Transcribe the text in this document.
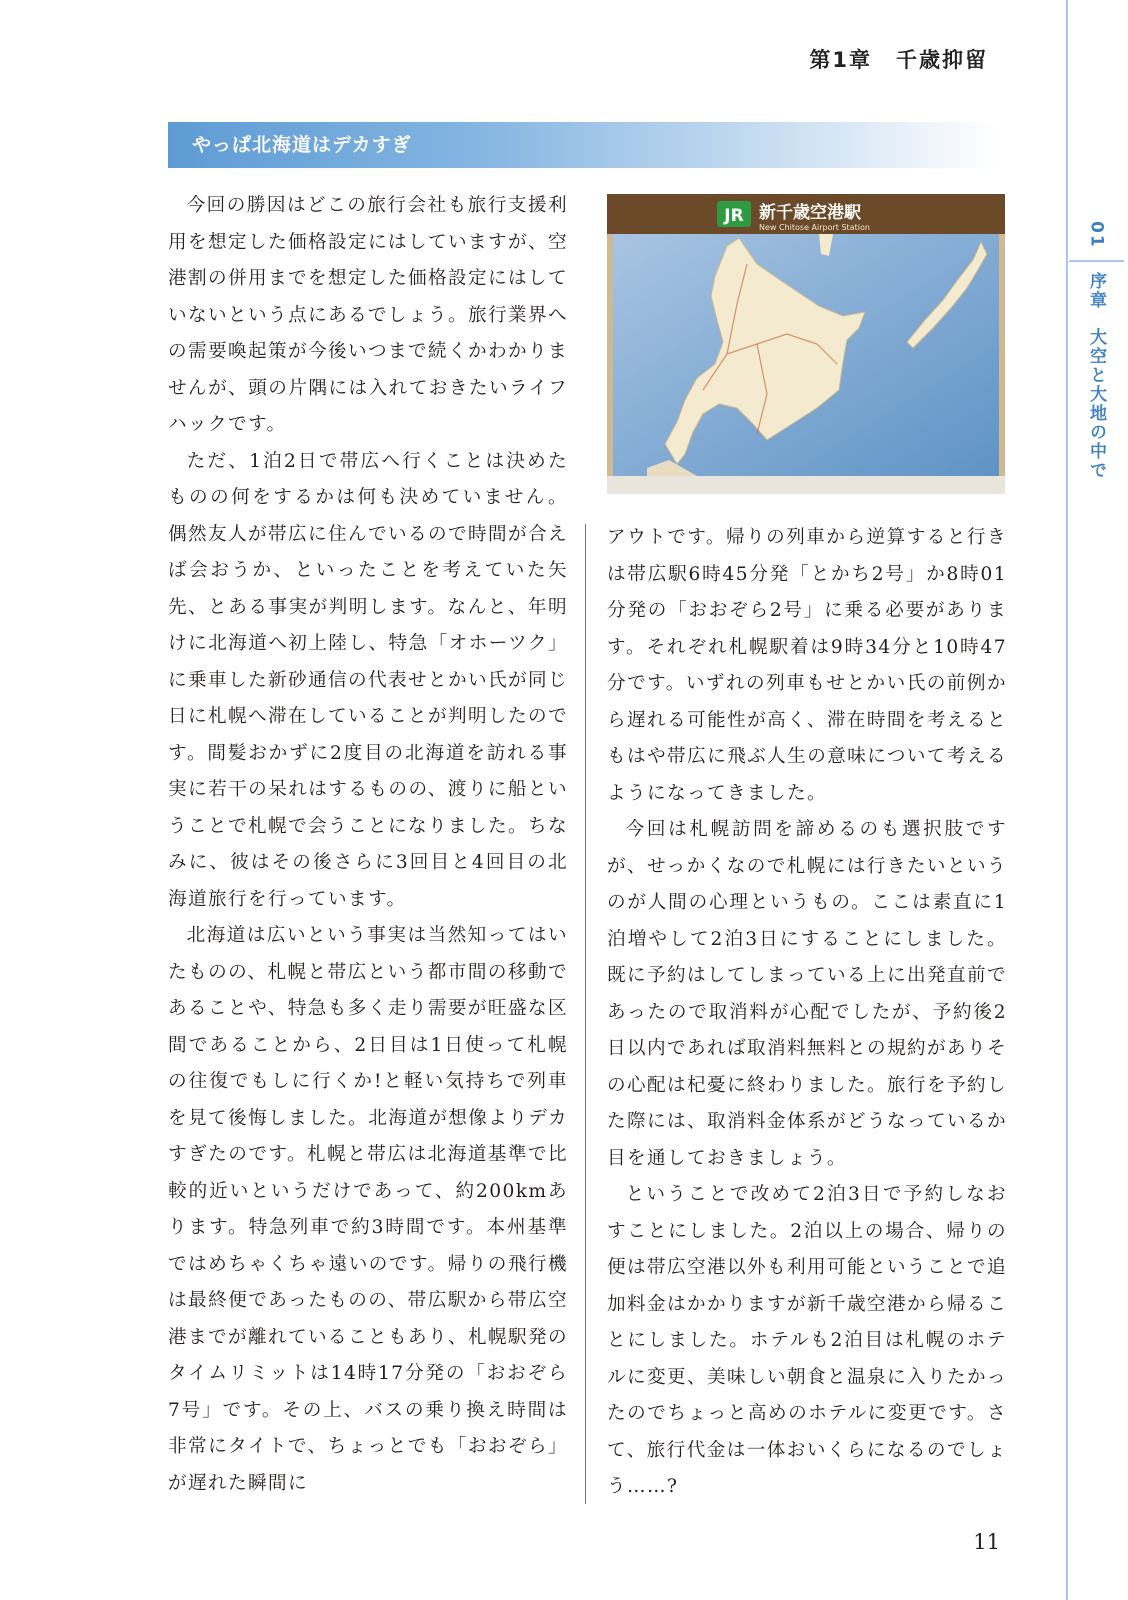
第1章 千歳抑留
01
序章大空と大地の中で
やっぱ北海道はデカすぎ

今回の勝因はどこの旅行会社も旅行支援利用を想定した価格設定にはしていますが、空港割の併用までを想定した価格設定にはしていないという点にあるでしょう。旅行業界への需要喚起策が今後いつまで続くかわかりませんが、頭の片隅には入れておきたいライフハックです。

ただ、1泊2日で帯広へ行くことは決めたものの何をするかは何も決めていません。偶然友人が帯広に住んでいるので時間が合えば会おうか、といったことを考えていた矢先、とある事実が判明します。なんと、年明けに北海道へ初上陸し、特急「オホーツク」に乗車した新砂通信の代表せとかい氏が同じ日に札幌へ滞在していることが判明したのです。間髪おかずに2度目の北海道を訪れる事実に若干の呆れはするものの、渡りに船ということで札幌で会うことになりました。ちなみに、彼はその後さらに3回目と4回目の北海道旅行を行っています。

北海道は広いという事実は当然知ってはいたものの、札幌と帯広という都市間の移動であることや、特急も多く走り需要が旺盛な区間であることから、2日目は1日使って札幌の往復でもしに行くか!と軽い気持ちで列車を見て後悔しました。北海道が想像よりデカすぎたのです。札幌と帯広は北海道基準で比較的近いというだけであって、約200kmあります。特急列車で約3時間です。本州基準ではめちゃくちゃ遠いのです。帰りの飛行機は最終便であったものの、帯広駅から帯広空港までが離れていることもあり、札幌駅発のタイムリミットは14時17分発の「おおぞら7号」です。その上、バスの乗り換え時間は非常にタイトで、ちょっとでも「おおぞら」が遅れた瞬間に

JR 新千歳空港駅
New Chitose Airport Station

アウトです。帰りの列車から逆算すると行きは帯広駅6時45分発「とかち2号」か8時01分発の「おおぞら2号」に乗る必要があります。それぞれ札幌駅着は9時34分と10時47分です。いずれの列車もせとかい氏の前例から遅れる可能性が高く、滞在時間を考えるともはや帯広に飛ぶ人生の意味について考えるようになってきました。

今回は札幌訪問を諦めるのも選択肢ですが、せっかくなので札幌には行きたいというのが人間の心理というもの。ここは素直に1泊増やして2泊3日にすることにしました。既に予約はしてしまっている上に出発直前であったので取消料が心配でしたが、予約後2日以内であれば取消料無料との規約がありその心配は杞憂に終わりました。旅行を予約した際には、取消料金体系がどうなっているか目を通しておきましょう。

ということで改めて2泊3日で予約しなおすことにしました。2泊以上の場合、帰りの便は帯広空港以外も利用可能ということで追加料金はかかりますが新千歳空港から帰ることにしました。ホテルも2泊目は札幌のホテルに変更、美味しい朝食と温泉に入りたかったのでちょっと高めのホテルに変更です。さて、旅行代金は一体おいくらになるのでしょう……?

11
